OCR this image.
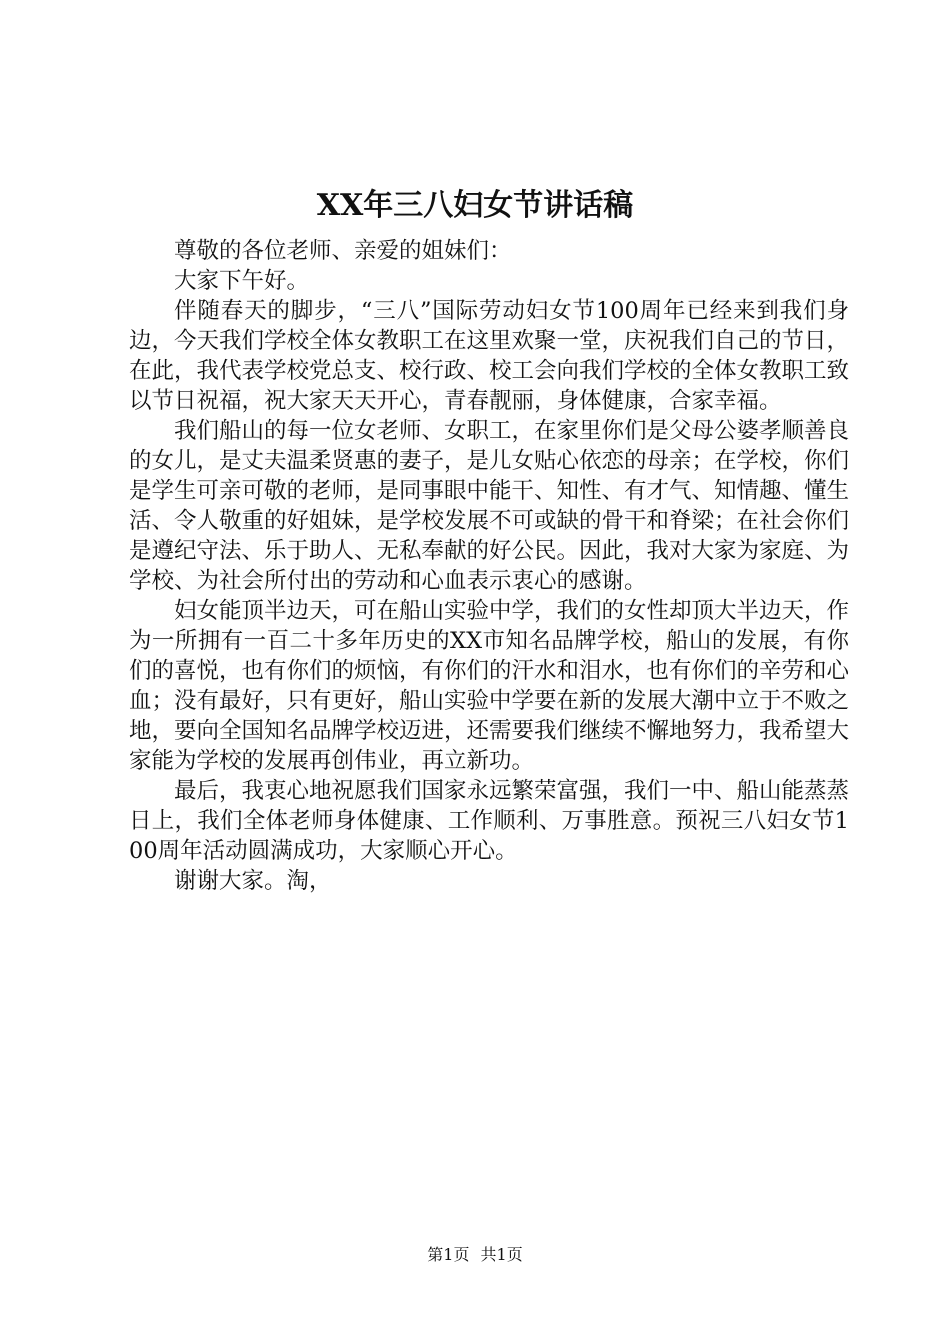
XX年三八妇女节讲话稿

尊敬的各位老师、亲爱的姐妹们：

大家下午好。

伴随春天的脚步，“三八”国际劳动妇女节100周年已经来到我们身边，今天我们学校全体女教职工在这里欢聚一堂，庆祝我们自己的节日，在此，我代表学校党总支、校行政、校工会向我们学校的全体女教职工致以节日祝福，祝大家天天开心，青春靓丽，身体健康，合家幸福。

我们船山的每一位女老师、女职工，在家里你们是父母公婆孝顺善良的女儿，是丈夫温柔贤惠的妻子，是儿女贴心依恋的母亲；在学校，你们是学生可亲可敬的老师，是同事眼中能干、知性、有才气、知情趣、懂生活、令人敬重的好姐妹，是学校发展不可或缺的骨干和脊梁；在社会你们是遵纪守法、乐于助人、无私奉献的好公民。因此，我对大家为家庭、为学校、为社会所付出的劳动和心血表示衷心的感谢。

妇女能顶半边天，可在船山实验中学，我们的女性却顶大半边天，作为一所拥有一百二十多年历史的XX市知名品牌学校，船山的发展，有你们的喜悦，也有你们的烦恼，有你们的汗水和泪水，也有你们的辛劳和心血；没有最好，只有更好，船山实验中学要在新的发展大潮中立于不败之地，要向全国知名品牌学校迈进，还需要我们继续不懈地努力，我希望大家能为学校的发展再创伟业，再立新功。

最后，我衷心地祝愿我们国家永远繁荣富强，我们一中、船山能蒸蒸日上，我们全体老师身体健康、工作顺利、万事胜意。预祝三八妇女节100周年活动圆满成功，大家顺心开心。

谢谢大家。淘，

第1页 共1页
